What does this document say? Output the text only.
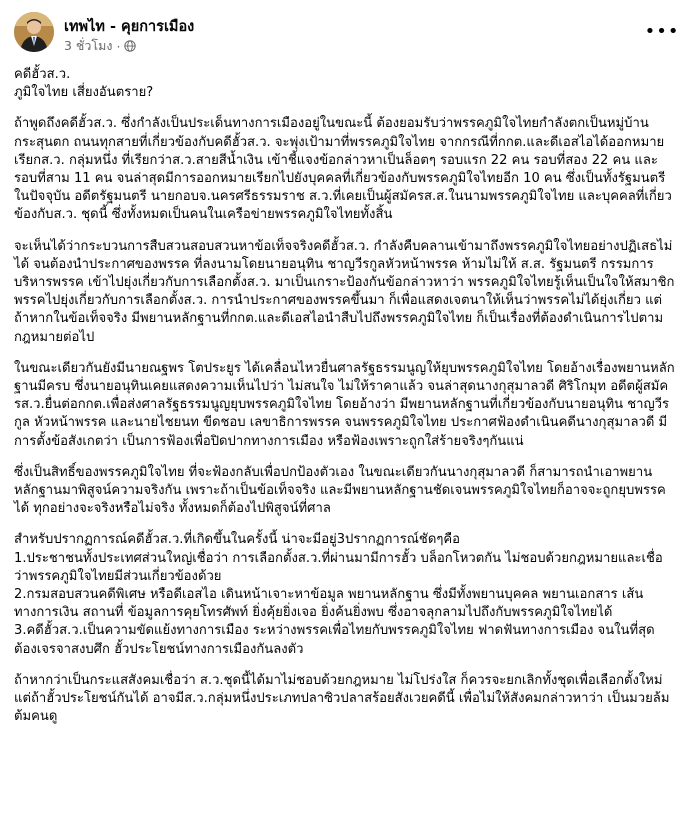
เทพไท - คุยการเมือง
3 ชั่วโมง ·
•••

คดีฮั้วส.ว.
ภูมิใจไทย เสี่ยงอันตราย?

ถ้าพูดถึงคดีฮั้วส.ว. ซึ่งกำลังเป็นประเด็นทางการเมืองอยู่ในขณะนี้ ต้องยอมรับว่าพรรคภูมิใจไทยกำลังตกเป็นหมู่บ้านกระสุนตก ถนนทุกสายที่เกี่ยวข้องกับคดีฮั้วส.ว. จะพุ่งเป้ามาที่พรรคภูมิใจไทย จากกรณีที่กกต.และดีเอสไอได้ออกหมายเรียกส.ว. กลุ่มหนึ่ง ที่เรียกว่าส.ว.สายสีน้ำเงิน เข้าชี้แจงข้อกล่าวหาเป็นล็อตๆ รอบแรก 22 คน รอบที่สอง 22 คน และรอบที่สาม 11 คน จนล่าสุดมีการออกหมายเรียกไปยังบุคคลที่เกี่ยวข้องกับพรรคภูมิใจไทยอีก 10 คน ซึ่งเป็นทั้งรัฐมนตรีในปัจจุบัน อดีตรัฐมนตรี นายกอบจ.นครศรีธรรมราช ส.ว.ที่เคยเป็นผู้สมัครส.ส.ในนามพรรคภูมิใจไทย และบุคคลที่เกี่ยวข้องกับส.ว. ชุดนี้ ซึ่งทั้งหมดเป็นคนในเครือข่ายพรรคภูมิใจไทยทั้งสิ้น

จะเห็นได้ว่ากระบวนการสืบสวนสอบสวนหาข้อเท็จจริงคดีฮั้วส.ว. กำลังคืบคลานเข้ามาถึงพรรคภูมิใจไทยอย่างปฏิเสธไม่ได้ จนต้องนำประกาศของพรรค ที่ลงนามโดยนายอนุทิน ชาญวีรกูลหัวหน้าพรรค ห้ามไม่ให้ ส.ส. รัฐมนตรี กรรมการบริหารพรรค เข้าไปยุ่งเกี่ยวกับการเลือกตั้งส.ว. มาเป็นเกราะป้องกันข้อกล่าวหาว่า พรรคภูมิใจไทยรู้เห็นเป็นใจให้สมาชิกพรรคไปยุ่งเกี่ยวกับการเลือกตั้งส.ว. การนำประกาศของพรรคขึ้นมา ก็เพื่อแสดงเจตนาให้เห็นว่าพรรคไม่ได้ยุ่งเกี่ยว แต่ถ้าหากในข้อเท็จจริง มีพยานหลักฐานที่กกต.และดีเอสไอนำสืบไปถึงพรรคภูมิใจไทย ก็เป็นเรื่องที่ต้องดำเนินการไปตามกฎหมายต่อไป

ในขณะเดียวกันยังมีนายณฐพร โตประยูร ได้เคลื่อนไหวยื่นศาลรัฐธรรมนูญให้ยุบพรรคภูมิใจไทย โดยอ้างเรื่องพยานหลักฐานมีครบ ซึ่งนายอนุทินเคยแสดงความเห็นไปว่า ไม่สนใจ ไม่ให้ราคาแล้ว จนล่าสุดนางกุสุมาลวดี ศิริโกมุท อดีตผู้สมัครส.ว.ยื่นต่อกกต.เพื่อส่งศาลรัฐธรรมนูญยุบพรรคภูมิใจไทย โดยอ้างว่า มีพยานหลักฐานที่เกี่ยวข้องกับนายอนุทิน ชาญวีรกูล หัวหน้าพรรค และนายไชยนท ขีดชอบ เลขาธิการพรรค จนพรรคภูมิใจไทย ประกาศฟ้องดำเนินคดีนางกุสุมาลวดี มีการตั้งข้อสังเกตว่า เป็นการฟ้องเพื่อปิดปากทางการเมือง หรือฟ้องเพราะถูกใส่ร้ายจริงๆกันแน่

ซึ่งเป็นสิทธิ์ของพรรคภูมิใจไทย ที่จะฟ้องกลับเพื่อปกป้องตัวเอง ในขณะเดียวกันนางกุสุมาลวดี ก็สามารถนำเอาพยานหลักฐานมาพิสูจน์ความจริงกัน เพราะถ้าเป็นข้อเท็จจริง และมีพยานหลักฐานชัดเจนพรรคภูมิใจไทยก็อาจจะถูกยุบพรรคได้ ทุกอย่างจะจริงหรือไม่จริง ทั้งหมดก็ต้องไปพิสูจน์ที่ศาล

สำหรับปรากฏการณ์คดีฮั้วส.ว.ที่เกิดขึ้นในครั้งนี้ น่าจะมีอยู่3ปรากฏการณ์ชัดๆคือ
1.ประชาชนทั้งประเทศส่วนใหญ่เชื่อว่า การเลือกตั้งส.ว.ที่ผ่านมามีการฮั้ว บล็อกโหวตกัน ไม่ชอบด้วยกฎหมายและเชื่อว่าพรรคภูมิใจไทยมีส่วนเกี่ยวข้องด้วย
2.กรมสอบสวนคดีพิเศษ หรือดีเอสไอ เดินหน้าเจาะหาข้อมูล พยานหลักฐาน ซึ่งมีทั้งพยานบุคคล พยานเอกสาร เส้นทางการเงิน สถานที่ ข้อมูลการคุยโทรศัพท์ ยิ่งคุ้ยยิ่งเจอ ยิ่งค้นยิ่งพบ ซึ่งอาจลุกลามไปถึงกับพรรคภูมิใจไทยได้
3.คดีฮั้วส.ว.เป็นความขัดแย้งทางการเมือง ระหว่างพรรคเพื่อไทยกับพรรคภูมิใจไทย ฟาดฟันทางการเมือง จนในที่สุด ต้องเจรจาสงบศึก ฮั้วประโยชน์ทางการเมืองกันลงตัว

ถ้าหากว่าเป็นกระแสสังคมเชื่อว่า ส.ว.ชุดนี้ได้มาไม่ชอบด้วยกฎหมาย ไม่โปร่งใส ก็ควรจะยกเลิกทั้งชุดเพื่อเลือกตั้งใหม่ แต่ถ้าฮั้วประโยชน์กันได้ อาจมีส.ว.กลุ่มหนึ่งประเภทปลาซิวปลาสร้อยสังเวยคดีนี้ เพื่อไม่ให้สังคมกล่าวหาว่า เป็นมวยล้มต้มคนดู
